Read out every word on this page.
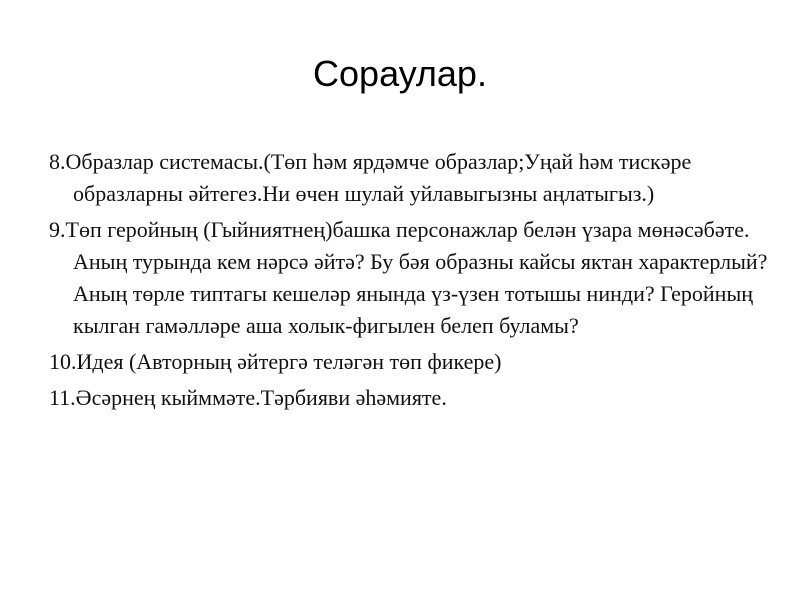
Сораулар.
8.Образлар системасы.(Төп һәм ярдәмче образлар;Уңай һәм тискәре образларны әйтегез.Ни өчен шулай уйлавыгызны аңлатыгыз.)
9.Төп геройның (Гыйниятнең)башка персонажлар белән үзара мөнәсәбәте. Аның турында кем нәрсә әйтә? Бу бәя образны кайсы яктан характерлый? Аның төрле типтагы кешеләр янында үз-үзен тотышы нинди? Геройның кылган гамәлләре аша холык-фигылен белеп буламы?
10.Идея (Авторның әйтергә теләгән төп фикере)
11.Әсәрнең кыйммәте.Тәрбияви әһәмияте.
